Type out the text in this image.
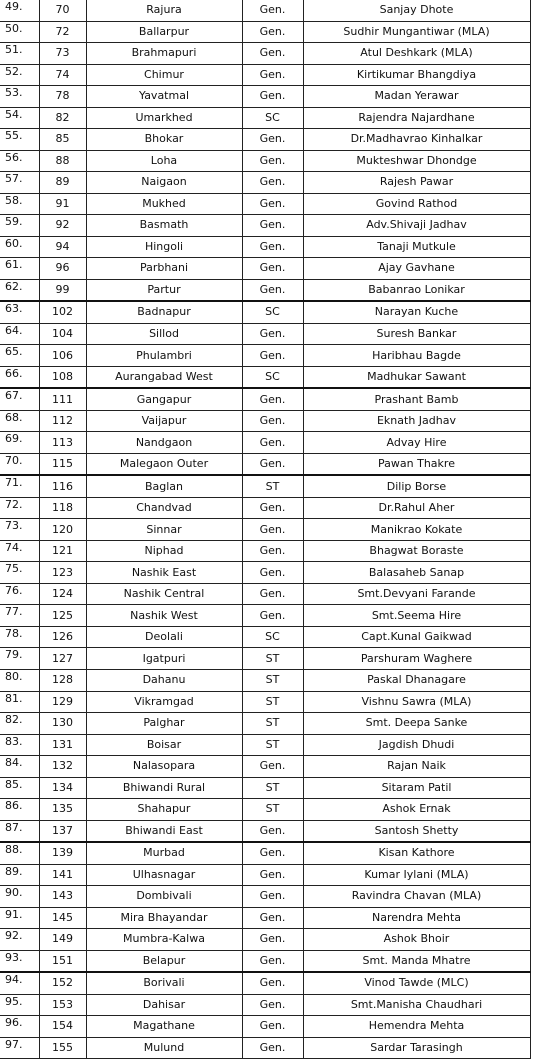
49.	70	Rajura	Gen.	Sanjay Dhote
50.	72	Ballarpur	Gen.	Sudhir Mungantiwar (MLA)
51.	73	Brahmapuri	Gen.	Atul Deshkark (MLA)
52.	74	Chimur	Gen.	Kirtikumar Bhangdiya
53.	78	Yavatmal	Gen.	Madan Yerawar
54.	82	Umarkhed	SC	Rajendra Najardhane
55.	85	Bhokar	Gen.	Dr.Madhavrao Kinhalkar
56.	88	Loha	Gen.	Mukteshwar Dhondge
57.	89	Naigaon	Gen.	Rajesh Pawar
58.	91	Mukhed	Gen.	Govind Rathod
59.	92	Basmath	Gen.	Adv.Shivaji Jadhav
60.	94	Hingoli	Gen.	Tanaji Mutkule
61.	96	Parbhani	Gen.	Ajay Gavhane
62.	99	Partur	Gen.	Babanrao Lonikar
63.	102	Badnapur	SC	Narayan Kuche
64.	104	Sillod	Gen.	Suresh Bankar
65.	106	Phulambri	Gen.	Haribhau Bagde
66.	108	Aurangabad West	SC	Madhukar Sawant
67.	111	Gangapur	Gen.	Prashant Bamb
68.	112	Vaijapur	Gen.	Eknath Jadhav
69.	113	Nandgaon	Gen.	Advay Hire
70.	115	Malegaon Outer	Gen.	Pawan Thakre
71.	116	Baglan	ST	Dilip Borse
72.	118	Chandvad	Gen.	Dr.Rahul Aher
73.	120	Sinnar	Gen.	Manikrao Kokate
74.	121	Niphad	Gen.	Bhagwat Boraste
75.	123	Nashik East	Gen.	Balasaheb Sanap
76.	124	Nashik Central	Gen.	Smt.Devyani Farande
77.	125	Nashik West	Gen.	Smt.Seema Hire
78.	126	Deolali	SC	Capt.Kunal Gaikwad
79.	127	Igatpuri	ST	Parshuram Waghere
80.	128	Dahanu	ST	Paskal Dhanagare
81.	129	Vikramgad	ST	Vishnu Sawra (MLA)
82.	130	Palghar	ST	Smt. Deepa Sanke
83.	131	Boisar	ST	Jagdish Dhudi
84.	132	Nalasopara	Gen.	Rajan Naik
85.	134	Bhiwandi Rural	ST	Sitaram Patil
86.	135	Shahapur	ST	Ashok Ernak
87.	137	Bhiwandi East	Gen.	Santosh Shetty
88.	139	Murbad	Gen.	Kisan Kathore
89.	141	Ulhasnagar	Gen.	Kumar Iylani (MLA)
90.	143	Dombivali	Gen.	Ravindra Chavan (MLA)
91.	145	Mira Bhayandar	Gen.	Narendra Mehta
92.	149	Mumbra-Kalwa	Gen.	Ashok Bhoir
93.	151	Belapur	Gen.	Smt. Manda Mhatre
94.	152	Borivali	Gen.	Vinod Tawde (MLC)
95.	153	Dahisar	Gen.	Smt.Manisha Chaudhari
96.	154	Magathane	Gen.	Hemendra Mehta
97.	155	Mulund	Gen.	Sardar Tarasingh
